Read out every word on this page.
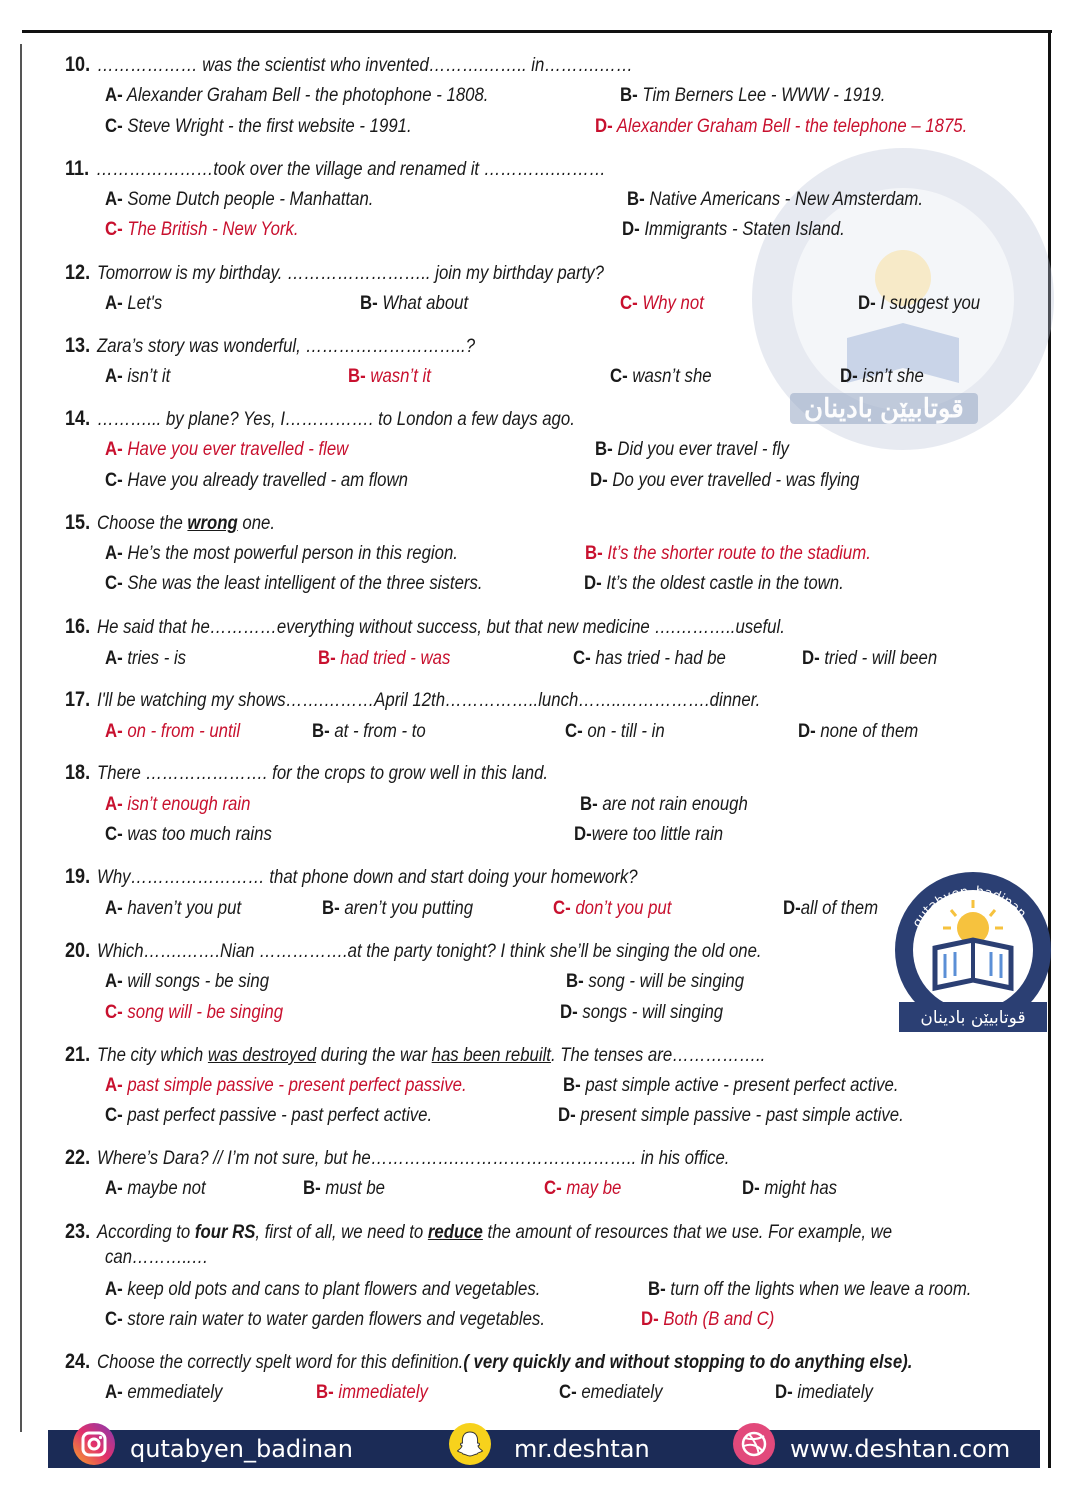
قوتابیێن بادینان
10. ……………… was the scientist who invented……….…….. in……….……
A- Alexander Graham Bell - the photophone - 1808.	B- Tim Berners Lee - WWW - 1919.
C- Steve Wright - the first website - 1991.	D- Alexander Graham Bell - the telephone – 1875.
11. …………………took over the village and renamed it ………….………
A- Some Dutch people - Manhattan.	B- Native Americans - New Amsterdam.
C- The British - New York.	D- Immigrants - Staten Island.
12. Tomorrow is my birthday. …………………….. join my birthday party?
A- Let's	B- What about	C- Why not	D- I suggest you
13. Zara’s story was wonderful, ………………………..?
A- isn’t it	B- wasn’t it	C- wasn’t she	D- isn’t she
14. ………... by plane? Yes, I……………. to London a few days ago.
A- Have you ever travelled - flew	B- Did you ever travel - fly
C- Have you already travelled - am flown	D- Do you ever travelled - was flying
15. Choose the wrong one.
A- He’s the most powerful person in this region.	B- It’s the shorter route to the stadium.
C- She was the least intelligent of the three sisters.	D- It’s the oldest castle in the town.
16. He said that he…………everything without success, but that new medicine ….………..useful.
A- tries - is	B- had tried - was	C- has tried - had be	D- tried - will been
17. I'll be watching my shows…….………April 12th……………..lunch……..…………….dinner.
A- on - from - until	B- at - from - to	C- on - till - in	D- none of them
18. There …………………. for the crops to grow well in this land.
A- isn’t enough rain	B- are not rain enough
C- was too much rains	D-were too little rain
19. Why…………………… that phone down and start doing your homework?
A- haven’t you put	B- aren’t you putting	C- don’t you put	D-all of them
20. Which…….…….Nian …………….at the party tonight? I think she’ll be singing the old one.
A- will songs - be sing	B- song - will be singing
C- song will - be singing	D- songs - will singing	قوتابیێن بادینان
qutabyen_badinan
21. The city which was destroyed during the war has been rebuilt. The tenses are……………..
A- past simple passive - present perfect passive.	B- past simple active - present perfect active.
C- past perfect passive - past perfect active.	D- present simple passive - past simple active.
22. Where’s Dara? // I’m not sure, but he…………….………………………….. in his office.
A- maybe not	B- must be	C- may be	D- might has
23. According to four RS, first of all, we need to reduce the amount of resources that we use. For example, we
can………..…
A- keep old pots and cans to plant flowers and vegetables.	B- turn off the lights when we leave a room.
C- store rain water to water garden flowers and vegetables.	D- Both (B and C)
24. Choose the correctly spelt word for this definition.( very quickly and without stopping to do anything else).
A- emmediately	B- immediately	C- emediately	D- imediately
qutabyen_badinan	mr.deshtan	www.deshtan.com
